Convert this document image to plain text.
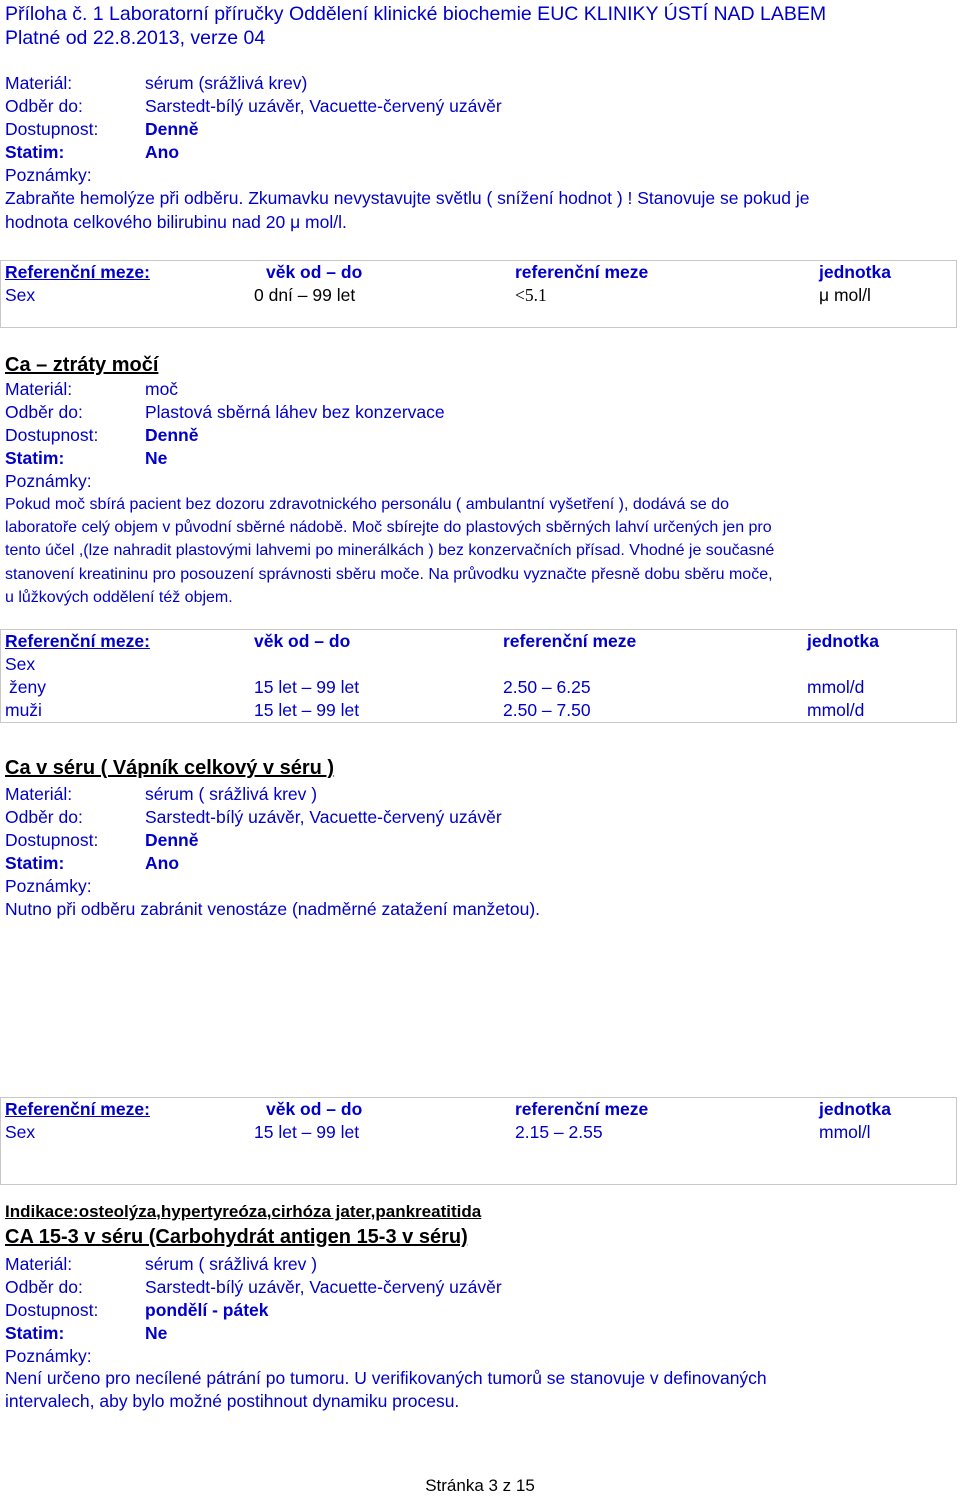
Příloha č. 1 Laboratorní příručky Oddělení klinické biochemie EUC KLINIKY ÚSTÍ NAD LABEM
Platné od 22.8.2013, verze 04
Materiál:	sérum (srážlivá krev)
Odběr do:	Sarstedt-bílý uzávěr, Vacuette-červený uzávěr
Dostupnost:	Denně
Statim:	Ano
Poznámky:
Zabraňte hemolýze při odběru. Zkumavku nevystavujte světlu ( snížení hodnot ) ! Stanovuje se pokud je
hodnota celkového bilirubinu nad 20 μ mol/l.
Referenční meze:	věk od – do	referenční meze	jednotka
Sex	0 dní – 99 let	<5.1	μ mol/l

Ca – ztráty močí
Materiál:	moč
Odběr do:	Plastová sběrná láhev bez konzervace
Dostupnost:	Denně
Statim:	Ne
Poznámky:
Pokud moč sbírá pacient bez dozoru zdravotnického personálu ( ambulantní vyšetření ), dodává se do
laboratoře celý objem v původní sběrné nádobě. Moč sbírejte do plastových sběrných lahví určených jen pro
tento účel ,(lze nahradit plastovými lahvemi po minerálkách ) bez konzervačních přísad. Vhodné je současné
stanovení kreatininu pro posouzení správnosti sběru moče. Na průvodku vyznačte přesně dobu sběru moče,
u lůžkových oddělení též objem.
Referenční meze:	věk od – do	referenční meze	jednotka
Sex			
ženy	15 let – 99 let	2.50 – 6.25	mmol/d
muži	15 let – 99 let	2.50 – 7.50	mmol/d
Ca v séru ( Vápník celkový v séru )
Materiál:	sérum ( srážlivá krev )
Odběr do:	Sarstedt-bílý uzávěr, Vacuette-červený uzávěr
Dostupnost:	Denně
Statim:	Ano
Poznámky:
Nutno při odběru zabránit venostáze (nadměrné zatažení manžetou).
Referenční meze:	věk od – do	referenční meze	jednotka
Sex	15 let – 99 let	2.15 – 2.55	mmol/l

Indikace:osteolýza,hypertyreóza,cirhóza jater,pankreatitida
CA 15-3 v séru (Carbohydrát antigen 15-3 v séru)
Materiál:	sérum ( srážlivá krev )
Odběr do:	Sarstedt-bílý uzávěr, Vacuette-červený uzávěr
Dostupnost:	pondělí - pátek
Statim:	Ne
Poznámky:
Není určeno pro necílené pátrání po tumoru. U verifikovaných tumorů se stanovuje v definovaných
intervalech, aby bylo možné postihnout dynamiku procesu.
Stránka 3 z 15
